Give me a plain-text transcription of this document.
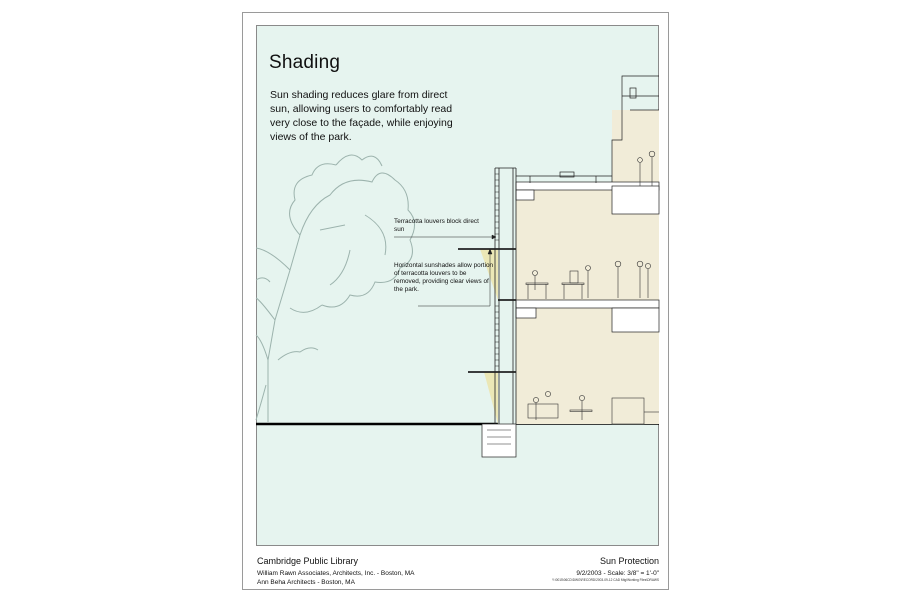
Shading
Sun shading reduces glare from direct sun, allowing users to comfortably read very close to the façade, while enjoying views of the park.
Terracotta louvers block direct sun
Horizontal sunshades allow portion of terracotta louvers to be removed, providing clear views of the park.
Cambridge Public Library
William Rawn Associates, Architects, Inc. - Boston, MA
Ann Beha Architects - Boston, MA
Sun Protection
9/2/2003 - Scale: 3/8" = 1'-0"
Y:\0015\06CD\DWG\RECORD\2003-09-12 CAD Mtg\Working Files\DRAWS
